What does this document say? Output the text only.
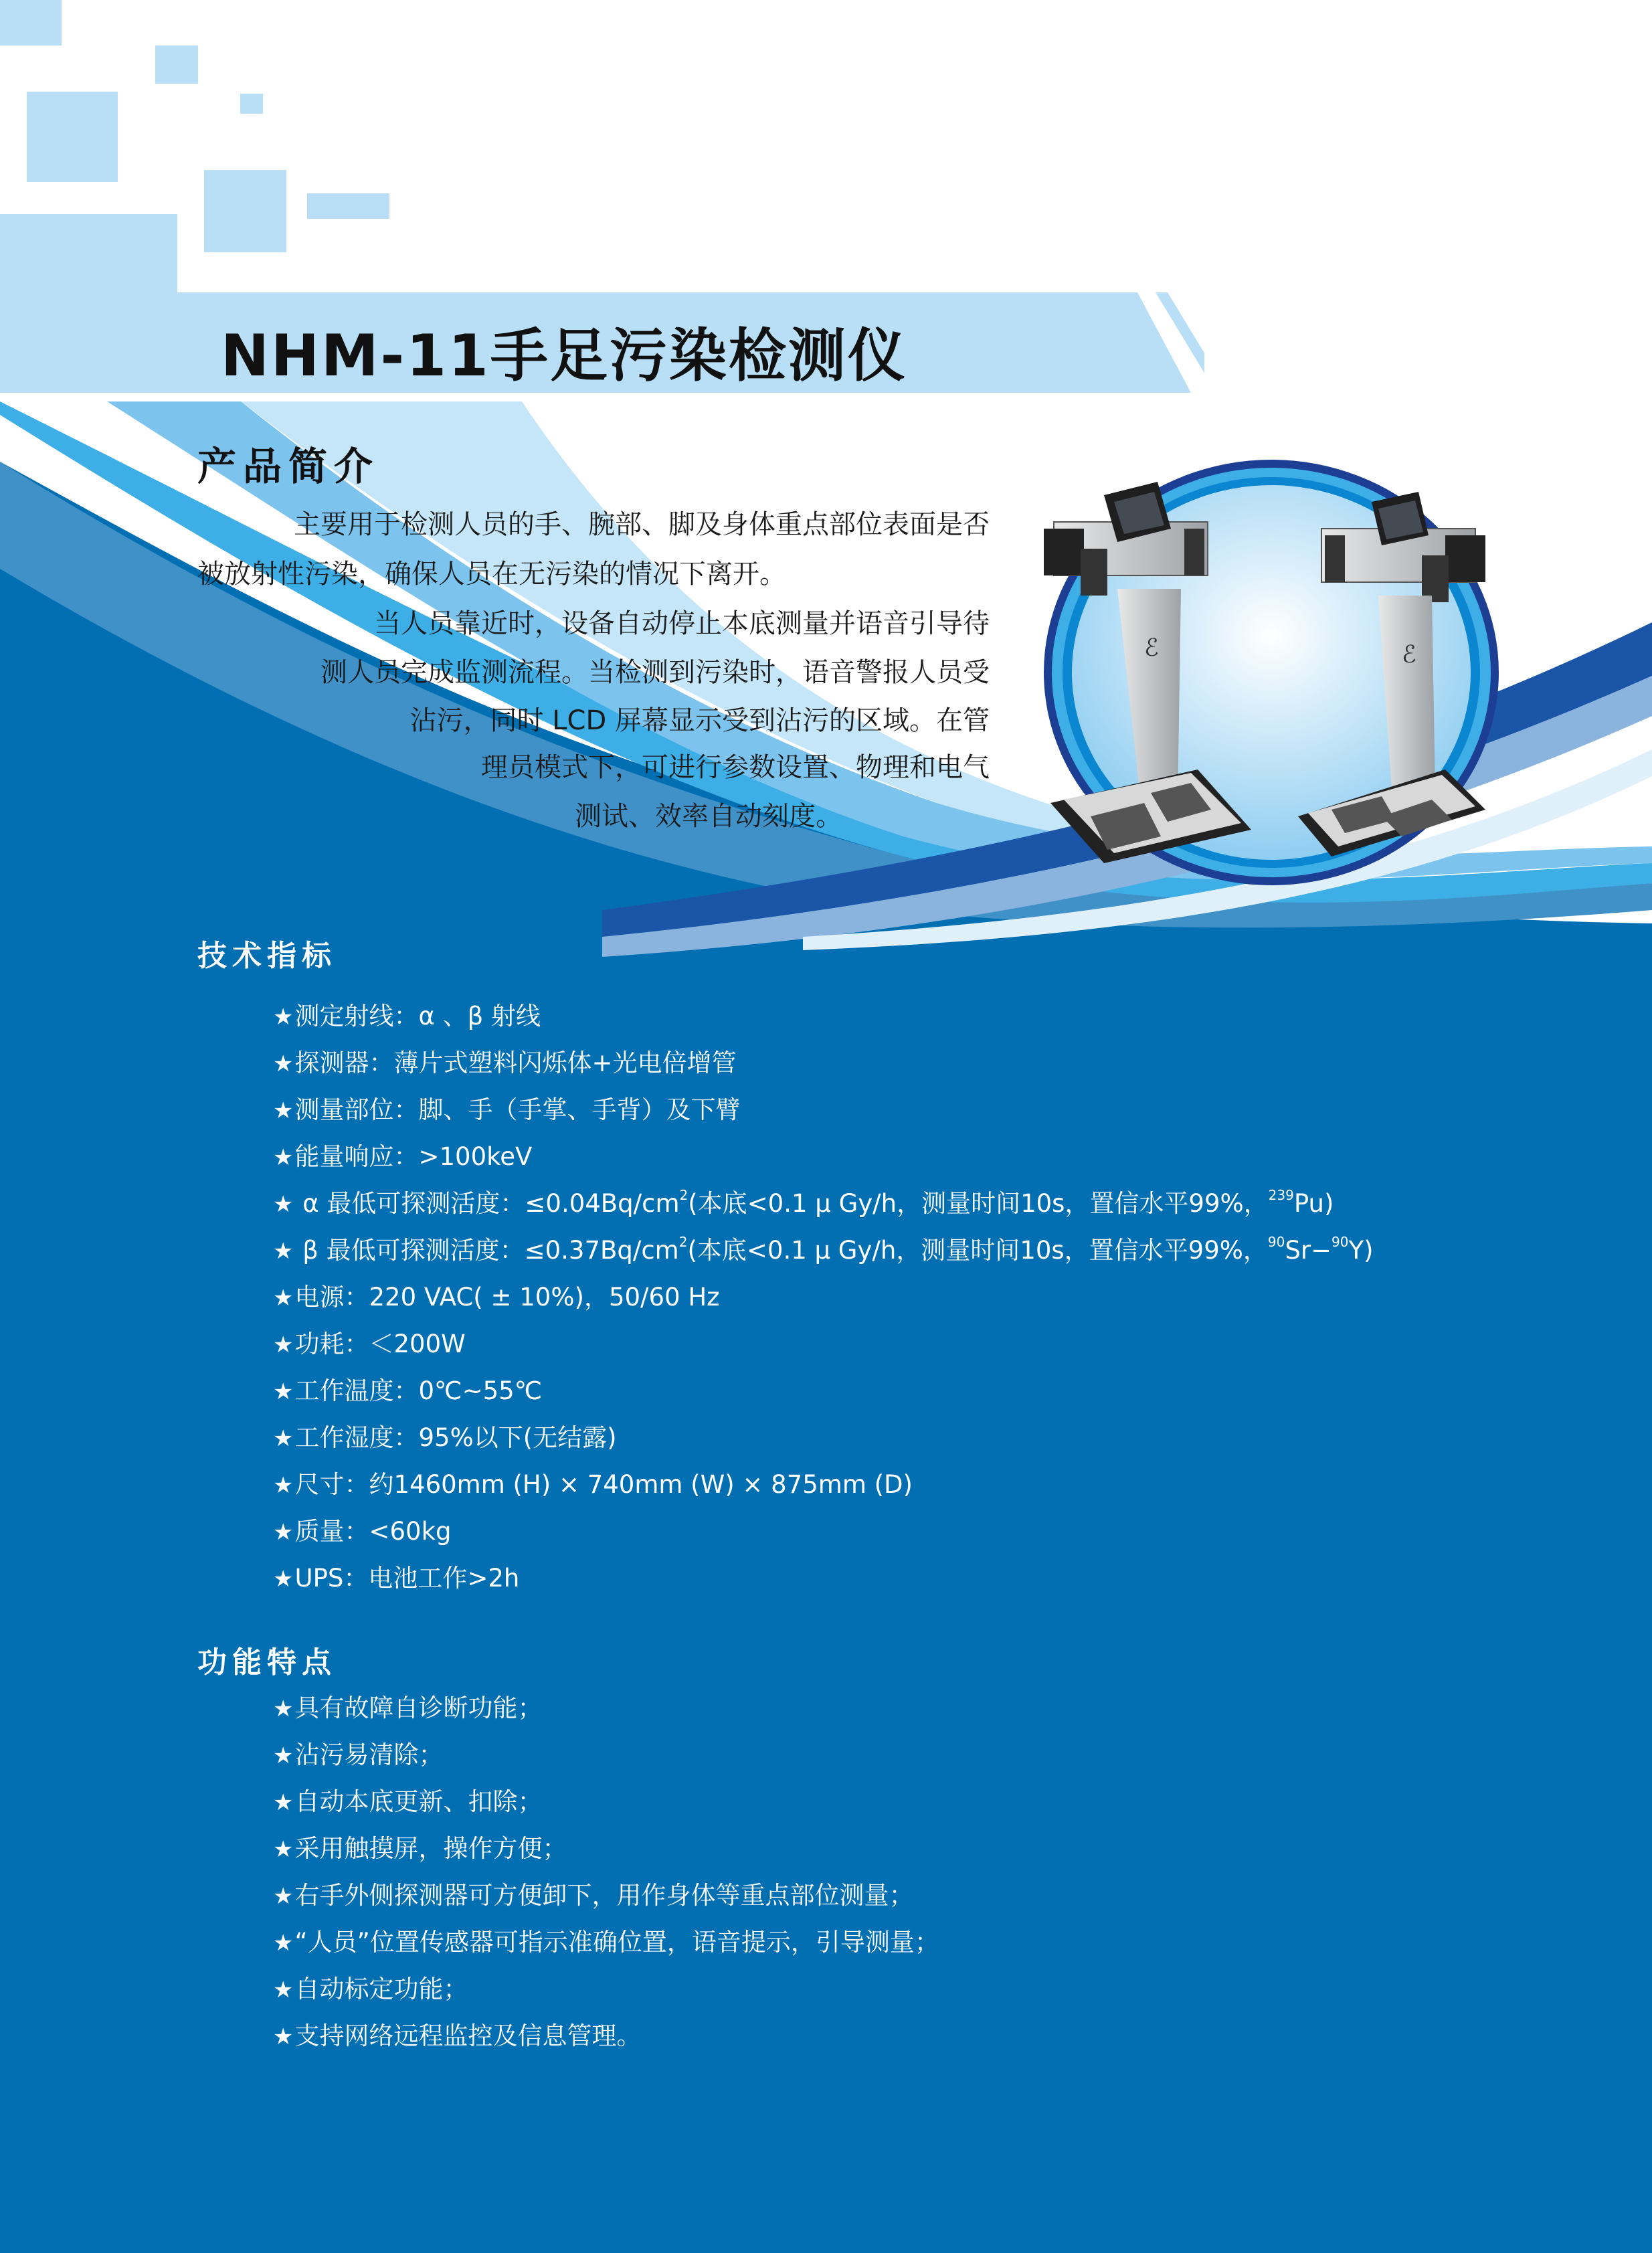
NHM-11手足污染检测仪
产品简介
主要用于检测人员的手、腕部、脚及身体重点部位表面是否
被放射性污染，确保人员在无污染的情况下离开。
当人员靠近时，设备自动停止本底测量并语音引导待
测人员完成监测流程。当检测到污染时，语音警报人员受
沾污，同时 LCD 屏幕显示受到沾污的区域。在管
理员模式下，可进行参数设置、物理和电气
测试、效率自动刻度。
ℰ	ℰ
技术指标
★测定射线：α 、β 射线
★探测器：薄片式塑料闪烁体+光电倍增管
★测量部位：脚、手（手掌、手背）及下臂
★能量响应：>100keV
★ α 最低可探测活度：$\le 0.04Bq/cm^2$(本底<0.1 μ Gy/h，测量时间10s，置信水平99%，$^{239}$Pu)
★ β 最低可探测活度：$\le 0.37Bq/cm^2$(本底<0.1 μ Gy/h，测量时间10s，置信水平99%，$^{90}$Sr−$^{90}$Y)
★电源：220 VAC( ± 10%)，50/60 Hz
★功耗：＜200W
★工作温度：0℃~55℃
★工作湿度：95%以下(无结露)
★尺寸：约1460mm (H) × 740mm (W) × 875mm (D)
★质量：<60kg
★UPS：电池工作>2h
功能特点
★具有故障自诊断功能；
★沾污易清除；
★自动本底更新、扣除；
★采用触摸屏，操作方便；
★右手外侧探测器可方便卸下，用作身体等重点部位测量；
★“人员”位置传感器可指示准确位置，语音提示，引导测量；
★自动标定功能；
★支持网络远程监控及信息管理。
